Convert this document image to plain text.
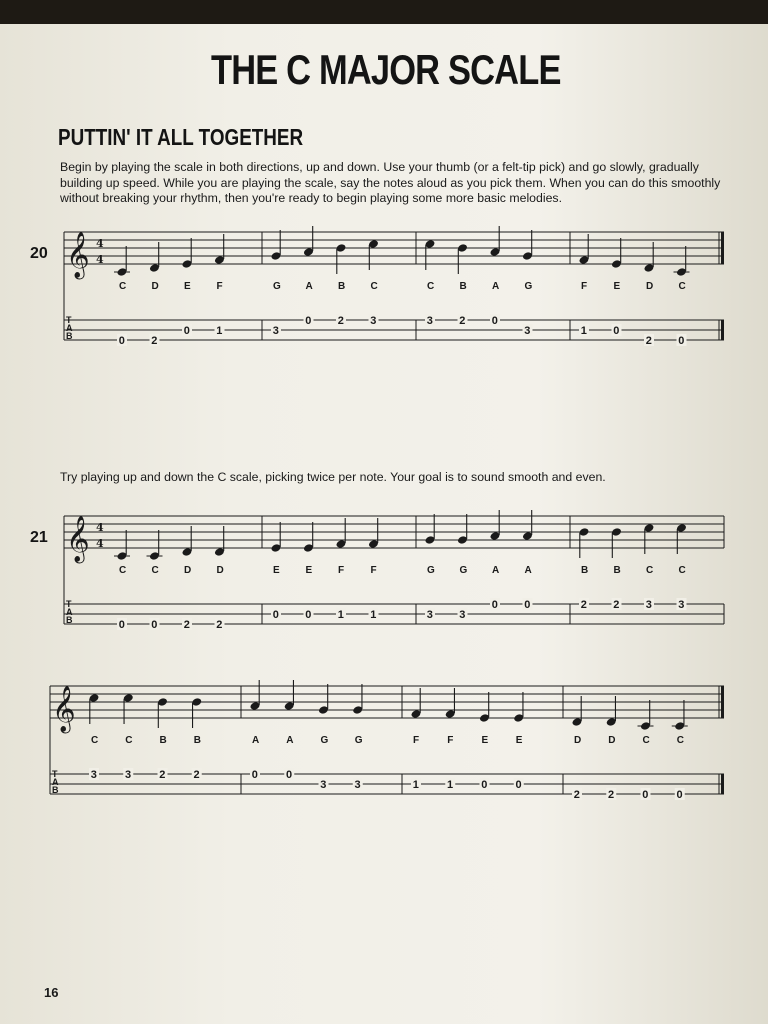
THE C MAJOR SCALE
PUTTIN' IT ALL TOGETHER
Begin by playing the scale in both directions, up and down. Use your thumb (or a felt-tip pick) and go slowly, gradually building up speed. While you are playing the scale, say the notes aloud as you pick them. When you can do this smoothly without breaking your rhythm, then you're ready to begin playing some more basic melodies.
Try playing up and down the C scale, picking twice per note. Your goal is to sound smooth and even.
16
𝄞
20
4
4
T
A
B
C
0
D
2
E
0
F
1
G
3
A
0
B
2
C
3
C
3
B
2
A
0
G
3
F
1
E
0
D
2
C
0
𝄞
21
4
4
T
A
B
C
0
C
0
D
2
D
2
E
0
E
0
F
1
F
1
G
3
G
3
A
0
A
0
B
2
B
2
C
3
C
3
𝄞
T
A
B
C
3
C
3
B
2
B
2
A
0
A
0
G
3
G
3
F
1
F
1
E
0
E
0
D
2
D
2
C
0
C
0
